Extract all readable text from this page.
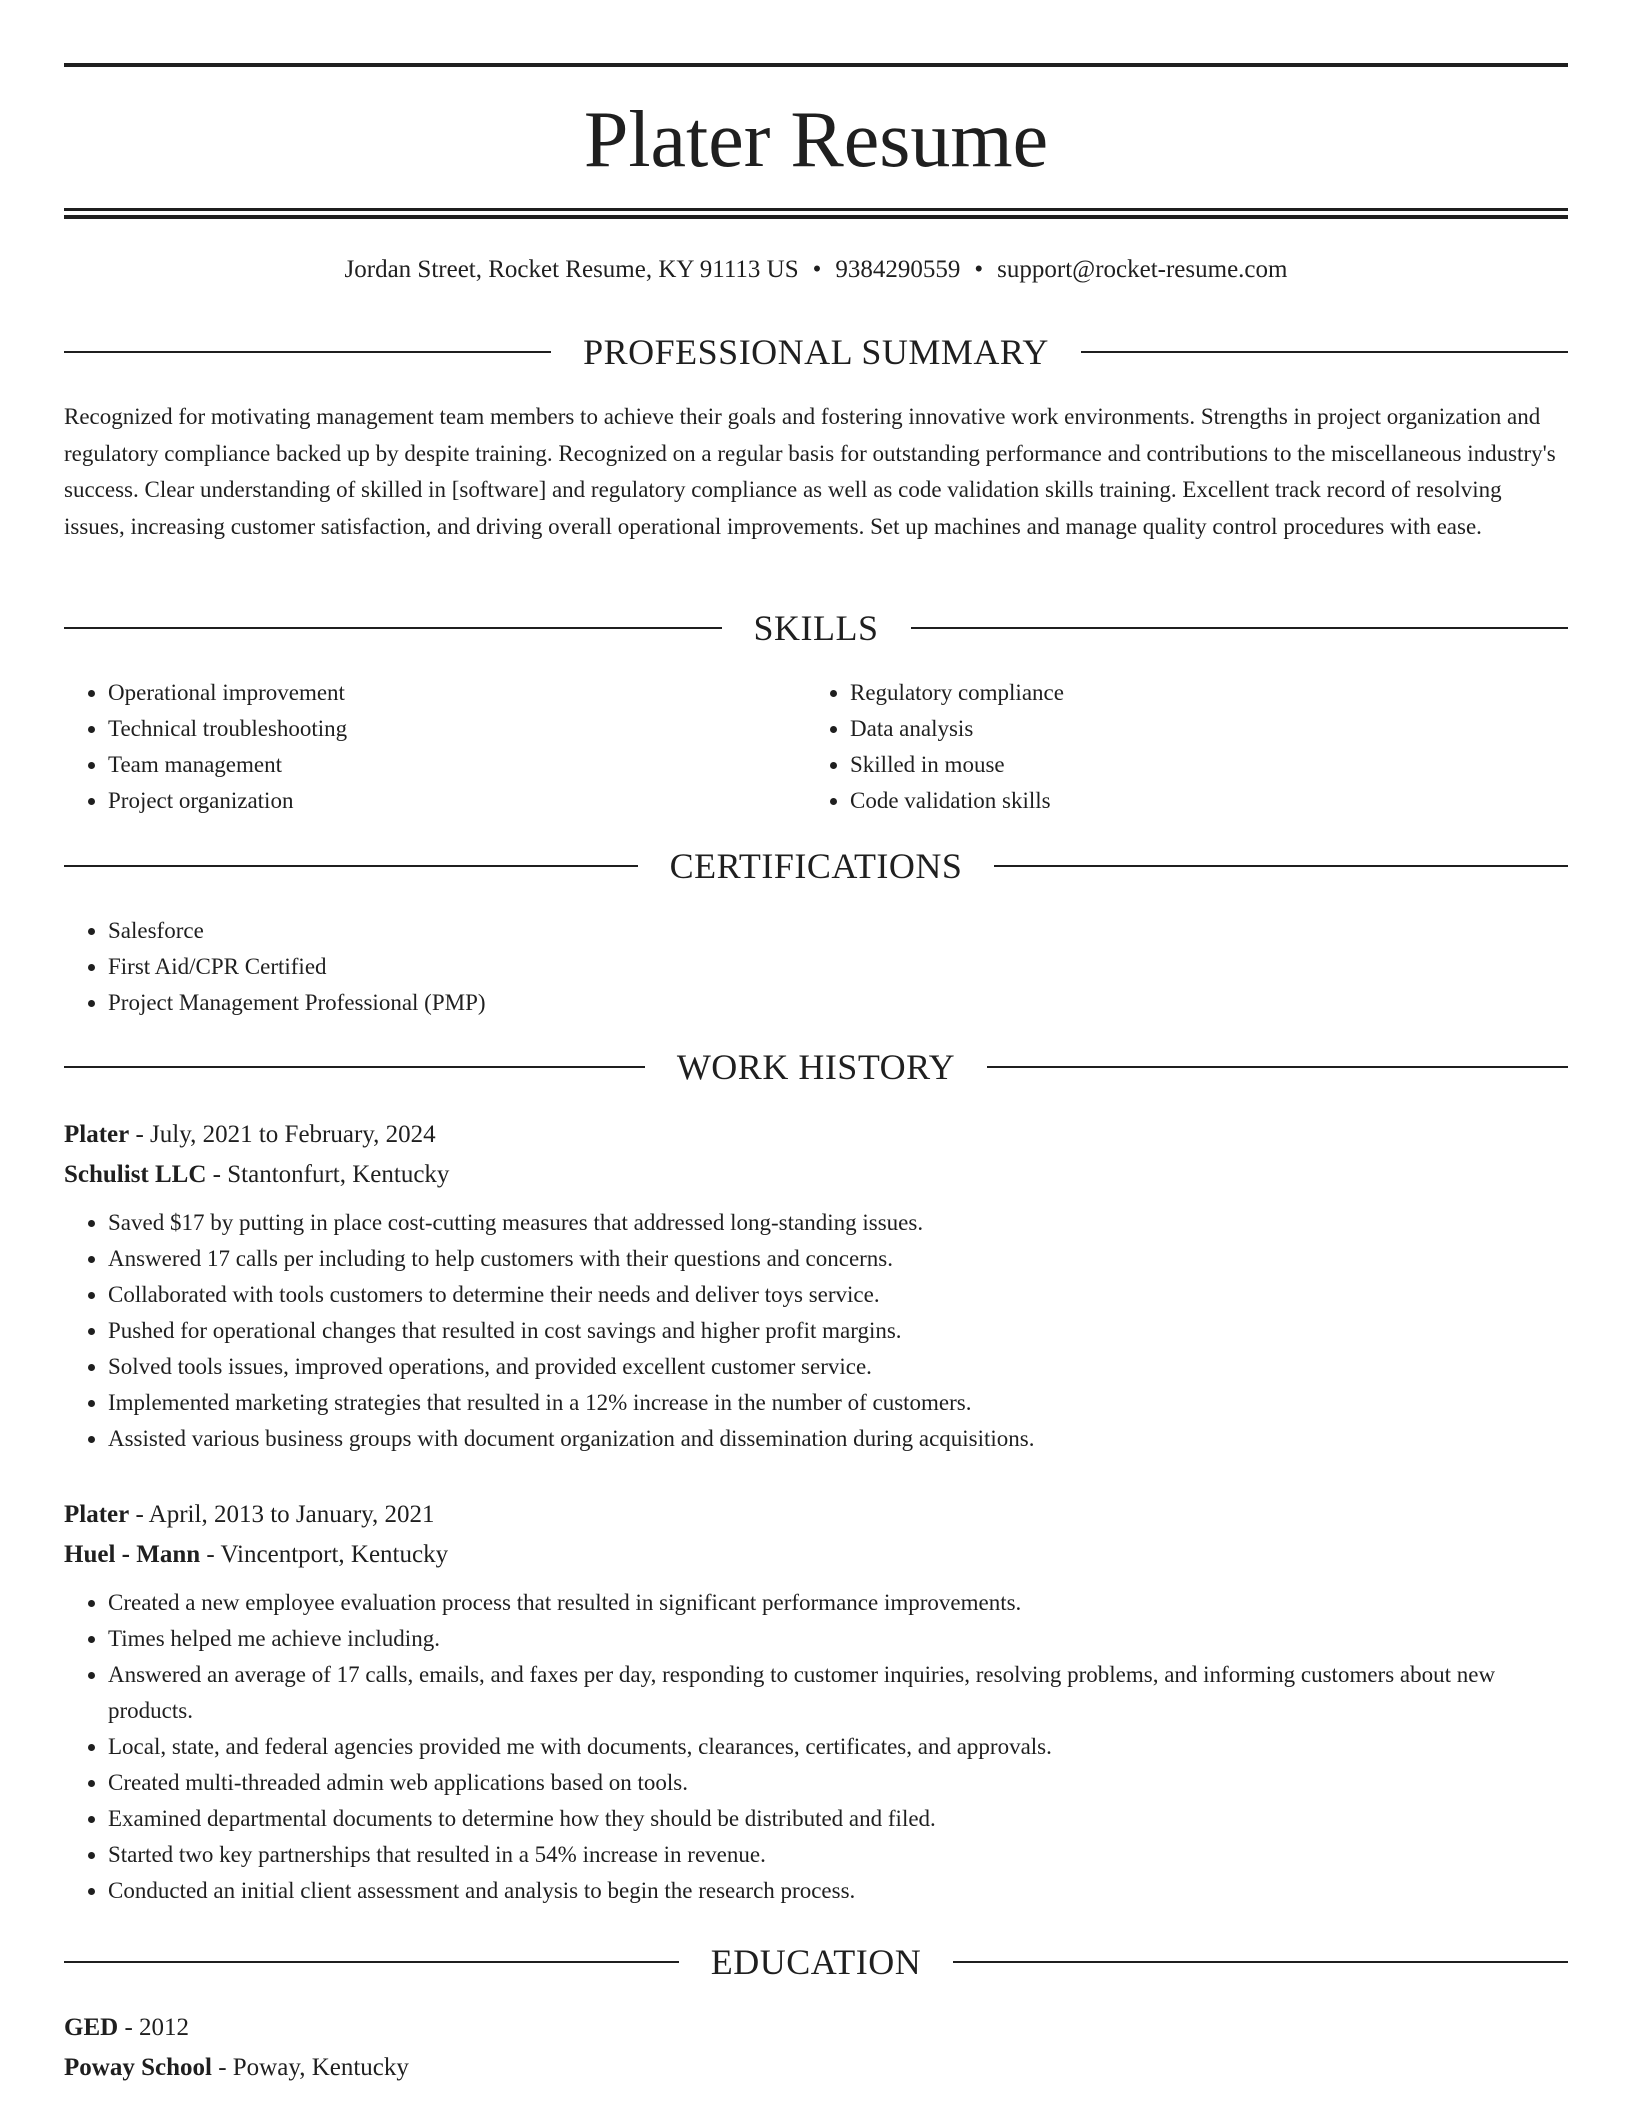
Plater Resume
Jordan Street, Rocket Resume, KY 91113 US • 9384290559 • support@rocket-resume.com
PROFESSIONAL SUMMARY

Recognized for motivating management team members to achieve their goals and fostering innovative work environments. Strengths in project organization and regulatory compliance backed up by despite training. Recognized on a regular basis for outstanding performance and contributions to the miscellaneous industry's success. Clear understanding of skilled in [software] and regulatory compliance as well as code validation skills training. Excellent track record of resolving issues, increasing customer satisfaction, and driving overall operational improvements. Set up machines and manage quality control procedures with ease.

SKILLS
• Operational improvement
• Technical troubleshooting
• Team management
• Project organization
• Regulatory compliance
• Data analysis
• Skilled in mouse
• Code validation skills
CERTIFICATIONS
• Salesforce
• First Aid/CPR Certified
• Project Management Professional (PMP)
WORK HISTORY
Plater - July, 2021 to February, 2024
Schulist LLC - Stantonfurt, Kentucky
• Saved $17 by putting in place cost-cutting measures that addressed long-standing issues.
• Answered 17 calls per including to help customers with their questions and concerns.
• Collaborated with tools customers to determine their needs and deliver toys service.
• Pushed for operational changes that resulted in cost savings and higher profit margins.
• Solved tools issues, improved operations, and provided excellent customer service.
• Implemented marketing strategies that resulted in a 12% increase in the number of customers.
• Assisted various business groups with document organization and dissemination during acquisitions.
Plater - April, 2013 to January, 2021
Huel - Mann - Vincentport, Kentucky
• Created a new employee evaluation process that resulted in significant performance improvements.
• Times helped me achieve including.
• Answered an average of 17 calls, emails, and faxes per day, responding to customer inquiries, resolving problems, and informing customers about new products.
• Local, state, and federal agencies provided me with documents, clearances, certificates, and approvals.
• Created multi-threaded admin web applications based on tools.
• Examined departmental documents to determine how they should be distributed and filed.
• Started two key partnerships that resulted in a 54% increase in revenue.
• Conducted an initial client assessment and analysis to begin the research process.
EDUCATION
GED - 2012
Poway School - Poway, Kentucky
